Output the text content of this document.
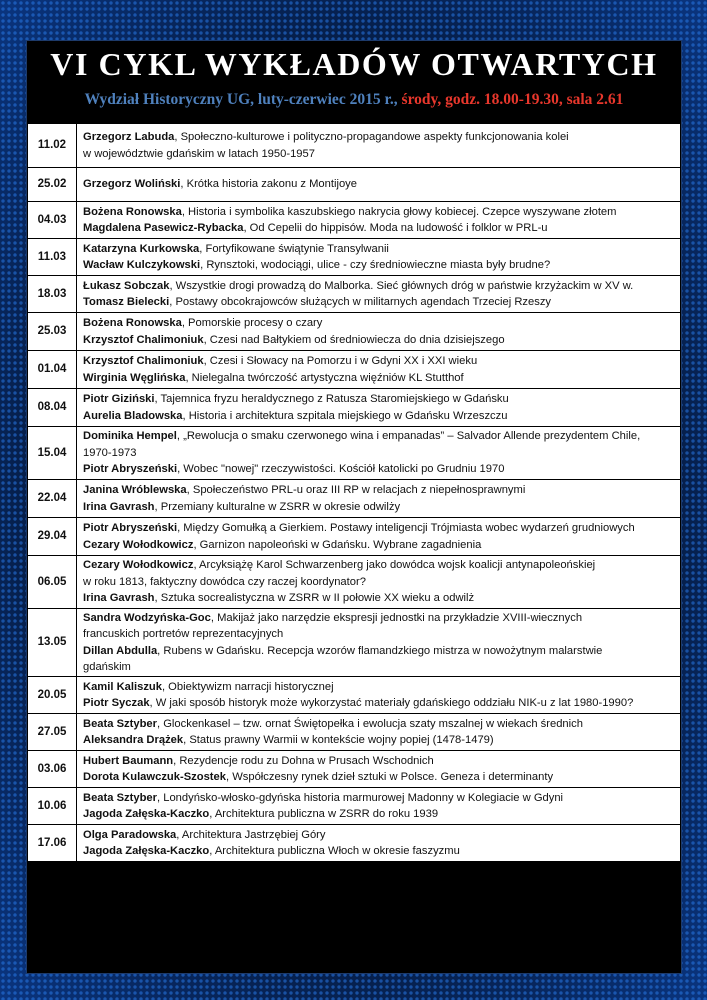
VI CYKL WYKŁADÓW OTWARTYCH
Wydział Historyczny UG, luty-czerwiec 2015 r., środy, godz. 18.00-19.30, sala 2.61
11.02	Grzegorz Labuda, Społeczno-kulturowe i polityczno-propagandowe aspekty funkcjonowania kolei
w województwie gdańskim w latach 1950-1957

25.02	Grzegorz Woliński, Krótka historia zakonu z Montijoye

04.03	Bożena Ronowska, Historia i symbolika kaszubskiego nakrycia głowy kobiecej. Czepce wyszywane złotem
Magdalena Pasewicz-Rybacka, Od Cepelii do hippisów. Moda na ludowość i folklor w PRL-u

11.03	Katarzyna Kurkowska, Fortyfikowane świątynie Transylwanii
Wacław Kulczykowski, Rynsztoki, wodociągi, ulice - czy średniowieczne miasta były brudne?

18.03	Łukasz Sobczak, Wszystkie drogi prowadzą do Malborka. Sieć głównych dróg w państwie krzyżackim w XV w.
Tomasz Bielecki, Postawy obcokrajowców służących w militarnych agendach Trzeciej Rzeszy

25.03	Bożena Ronowska, Pomorskie procesy o czary
Krzysztof Chalimoniuk, Czesi nad Bałtykiem od średniowiecza do dnia dzisiejszego

01.04	Krzysztof Chalimoniuk, Czesi i Słowacy na Pomorzu i w Gdyni XX i XXI wieku
Wirginia Węglińska, Nielegalna twórczość artystyczna więźniów KL Stutthof

08.04	Piotr Giziński, Tajemnica fryzu heraldycznego z Ratusza Staromiejskiego w Gdańsku
Aurelia Bladowska, Historia i architektura szpitala miejskiego w Gdańsku Wrzeszczu

15.04	Dominika Hempel, „Rewolucja o smaku czerwonego wina i empanadas” – Salvador Allende prezydentem Chile,
1970-1973
Piotr Abryszeński, Wobec "nowej" rzeczywistości. Kościół katolicki po Grudniu 1970

22.04	Janina Wróblewska, Społeczeństwo PRL-u oraz III RP w relacjach z niepełnosprawnymi
Irina Gavrash, Przemiany kulturalne w ZSRR w okresie odwilży

29.04	Piotr Abryszeński, Między Gomułką a Gierkiem. Postawy inteligencji Trójmiasta wobec wydarzeń grudniowych
Cezary Wołodkowicz, Garnizon napoleoński w Gdańsku. Wybrane zagadnienia

06.05	Cezary Wołodkowicz, Arcyksiążę Karol Schwarzenberg jako dowódca wojsk koalicji antynapoleońskiej
w roku 1813, faktyczny dowódca czy raczej koordynator?
Irina Gavrash, Sztuka socrealistyczna w ZSRR w II połowie XX wieku a odwilż

13.05	Sandra Wodzyńska-Goc, Makijaż jako narzędzie ekspresji jednostki na przykładzie XVIII-wiecznych
francuskich portretów reprezentacyjnych
Dillan Abdulla, Rubens w Gdańsku. Recepcja wzorów flamandzkiego mistrza w nowożytnym malarstwie
gdańskim

20.05	Kamil Kaliszuk, Obiektywizm narracji historycznej
Piotr Syczak, W jaki sposób historyk może wykorzystać materiały gdańskiego oddziału NIK-u z lat 1980-1990?

27.05	Beata Sztyber, Glockenkasel – tzw. ornat Świętopełka i ewolucja szaty mszalnej w wiekach średnich
Aleksandra Drążek, Status prawny Warmii w kontekście wojny popiej (1478-1479)

03.06	Hubert Baumann, Rezydencje rodu zu Dohna w Prusach Wschodnich
Dorota Kulawczuk-Szostek, Współczesny rynek dzieł sztuki w Polsce. Geneza i determinanty

10.06	Beata Sztyber, Londyńsko-włosko-gdyńska historia marmurowej Madonny w Kolegiacie w Gdyni
Jagoda Załęska-Kaczko, Architektura publiczna w ZSRR do roku 1939

17.06	Olga Paradowska, Architektura Jastrzębiej Góry
Jagoda Załęska-Kaczko, Architektura publiczna Włoch w okresie faszyzmu
